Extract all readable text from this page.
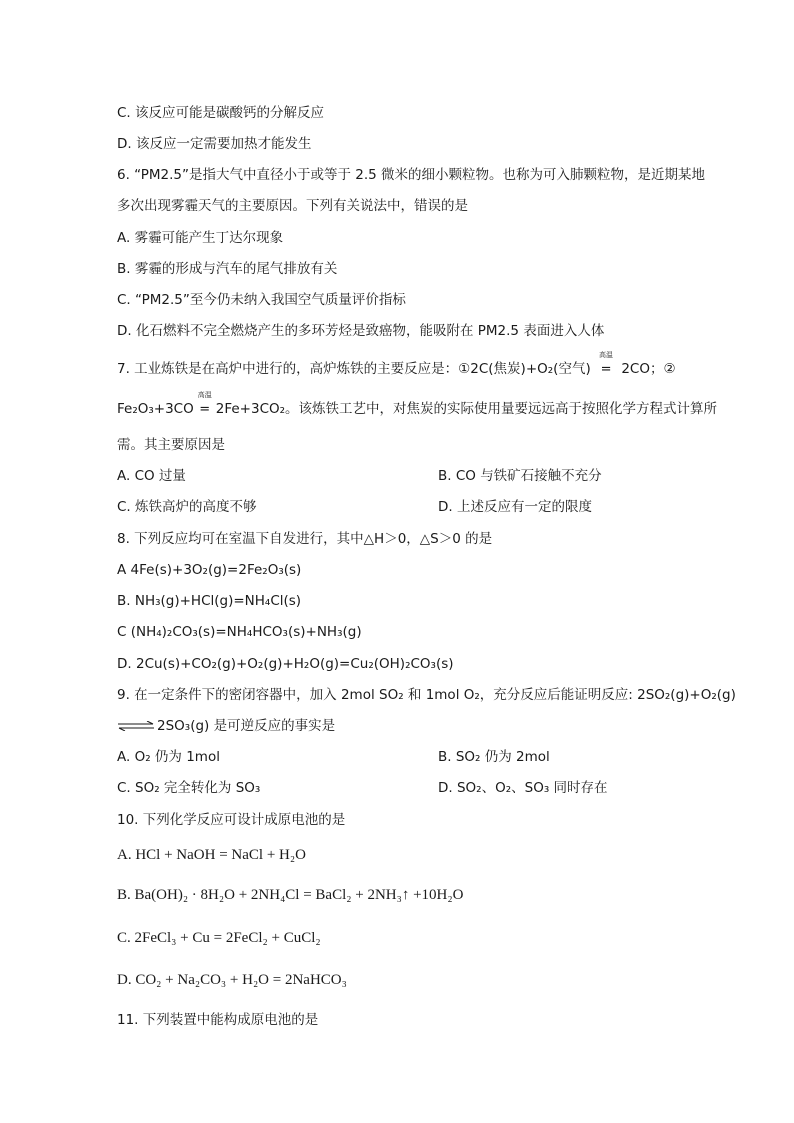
C. 该反应可能是碳酸钙的分解反应
D. 该反应一定需要加热才能发生
6. “PM2.5”是指大气中直径小于或等于 2.5 微米的细小颗粒物。也称为可入肺颗粒物，是近期某地
多次出现雾霾天气的主要原因。下列有关说法中，错误的是
A. 雾霾可能产生丁达尔现象
B. 雾霾的形成与汽车的尾气排放有关
C. “PM2.5”至今仍未纳入我国空气质量评价指标
D. 化石燃料不完全燃烧产生的多环芳烃是致癌物，能吸附在 PM2.5 表面进入人体
7. 工业炼铁是在高炉中进行的，高炉炼铁的主要反应是：①2C(焦炭)+O₂(空气)
高温
= 2CO；②
Fe₂O₃+3CO
高温
= 2Fe+3CO₂。该炼铁工艺中，对焦炭的实际使用量要远远高于按照化学方程式计算所
需。其主要原因是
A. CO 过量	B. CO 与铁矿石接触不充分
C. 炼铁高炉的高度不够	D. 上述反应有一定的限度
8. 下列反应均可在室温下自发进行，其中△H＞0，△S＞0 的是
A 4Fe(s)+3O₂(g)=2Fe₂O₃(s)
B. NH₃(g)+HCl(g)=NH₄Cl(s)
C (NH₄)₂CO₃(s)=NH₄HCO₃(s)+NH₃(g)
D. 2Cu(s)+CO₂(g)+O₂(g)+H₂O(g)=Cu₂(OH)₂CO₃(s)
9. 在一定条件下的密闭容器中，加入 2mol SO₂ 和 1mol O₂，充分反应后能证明反应: 2SO₂(g)+O₂(g)
⇌ 2SO₃(g) 是可逆反应的事实是
A. O₂ 仍为 1mol	B. SO₂ 仍为 2mol
C. SO₂ 完全转化为 SO₃	D. SO₂、O₂、SO₃ 同时存在
10. 下列化学反应可设计成原电池的是
A. HCl + NaOH = NaCl + H₂O
B. Ba(OH)₂ · 8H₂O + 2NH₄Cl = BaCl₂ + 2NH₃↑ +10H₂O
C. 2FeCl₃ + Cu = 2FeCl₂ + CuCl₂
D. CO₂ + Na₂CO₃ + H₂O = 2NaHCO₃
11. 下列装置中能构成原电池的是
